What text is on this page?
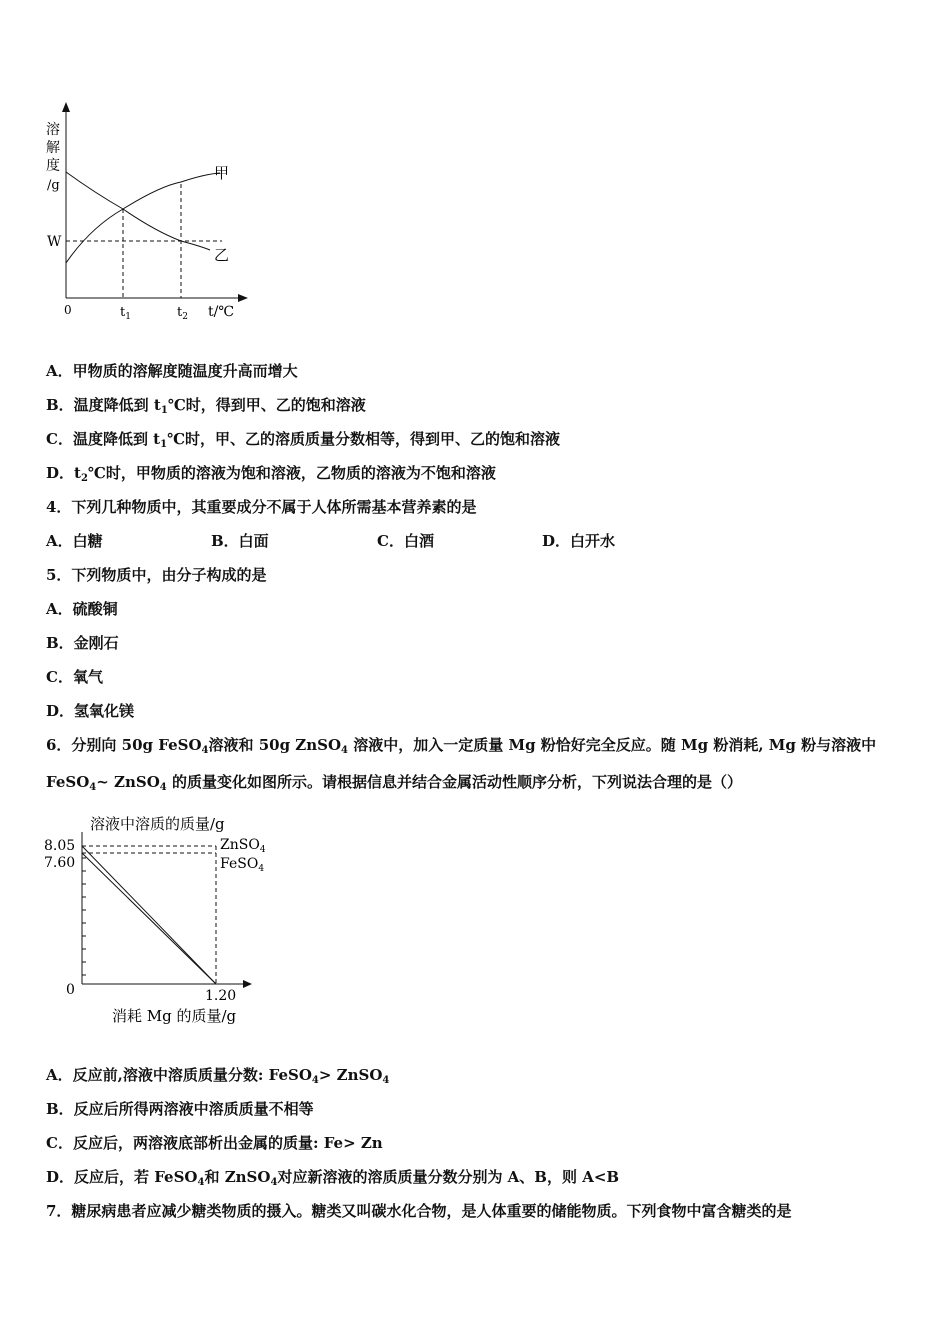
溶
解
度
/g
W
甲
乙
0	$t_1$	$t_2$ t/℃
A．甲物质的溶解度随温度升高而增大
B．温度降低到 $t_1℃$时，得到甲、乙的饱和溶液
C．温度降低到 $t_1℃$时，甲、乙的溶质质量分数相等，得到甲、乙的饱和溶液
D．$t_2℃$时，甲物质的溶液为饱和溶液，乙物质的溶液为不饱和溶液
4．下列几种物质中，其重要成分不属于人体所需基本营养素的是
A．白糖	B．白面	C．白酒	D．白开水
5．下列物质中，由分子构成的是
A．硫酸铜
B．金刚石
C．氧气
D．氢氧化镁
6．分别向 50g FeSO$_4$溶液和 50g ZnSO$_4$ 溶液中，加入一定质量 Mg 粉恰好完全反应。随 Mg 粉消耗, Mg 粉与溶液中
FeSO$_4$~ ZnSO$_4$ 的质量变化如图所示。请根据信息并结合金属活动性顺序分析，下列说法合理的是（）
溶液中溶质的质量/g
8.05
7.60
ZnSO$_4$
FeSO$_4$
0	1.20
消耗 Mg 的质量/g
A．反应前,溶液中溶质质量分数: FeSO$_4$> ZnSO$_4$
B．反应后所得两溶液中溶质质量不相等
C．反应后，两溶液底部析出金属的质量: Fe> Zn
D．反应后，若 FeSO$_4$和 ZnSO$_4$对应新溶液的溶质质量分数分别为 A、B，则 A<B
7．糖尿病患者应减少糖类物质的摄入。糖类又叫碳水化合物，是人体重要的储能物质。下列食物中富含糖类的是
